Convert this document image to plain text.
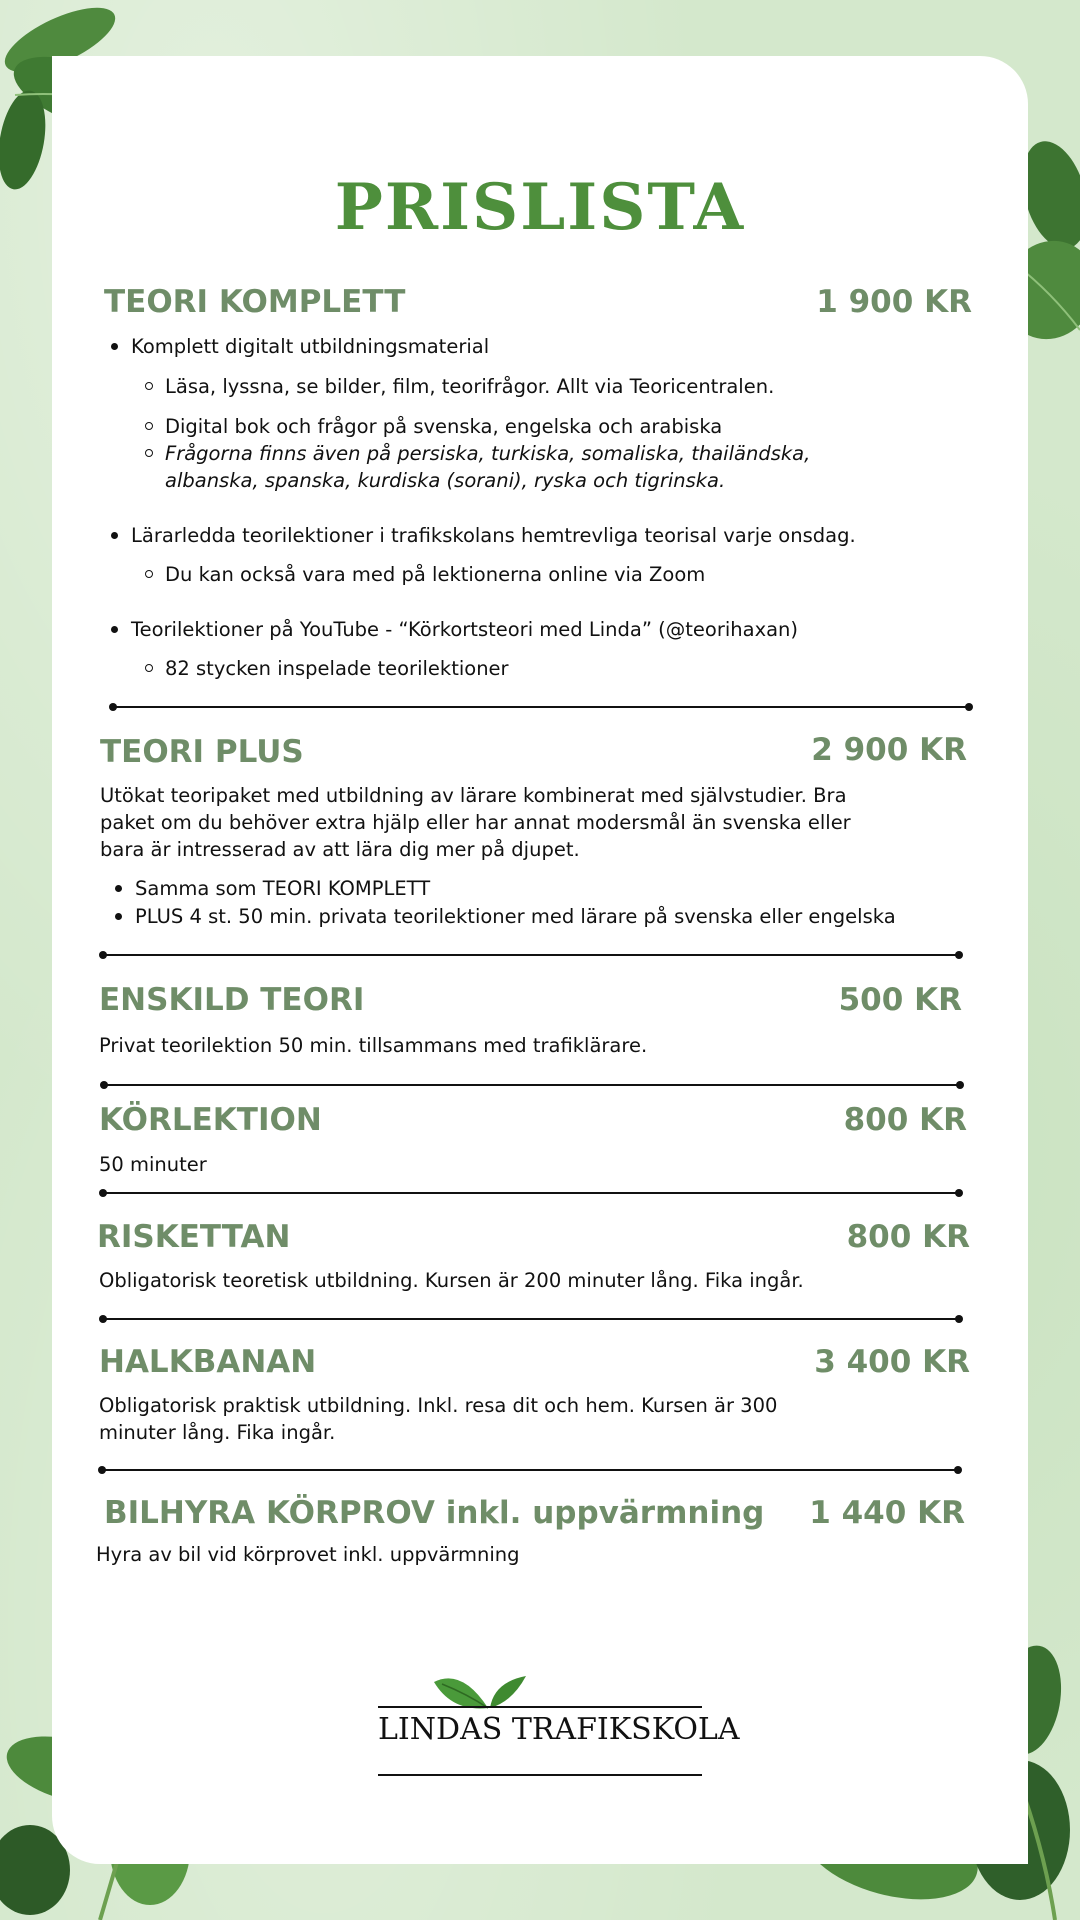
PRISLISTA
TEORI KOMPLETT	1 900 KR
Komplett digitalt utbildningsmaterial
Läsa, lyssna, se bilder, film, teorifrågor. Allt via Teoricentralen.
Digital bok och frågor på svenska, engelska och arabiska
Frågorna finns även på persiska, turkiska, somaliska, thailändska, albanska, spanska, kurdiska (sorani), ryska och tigrinska.
Lärarledda teorilektioner i trafikskolans hemtrevliga teorisal varje onsdag.
Du kan också vara med på lektionerna online via Zoom
Teorilektioner på YouTube - “Körkortsteori med Linda” (@teorihaxan)
82 stycken inspelade teorilektioner
TEORI PLUS	2 900 KR

Utökat teoripaket med utbildning av lärare kombinerat med självstudier. Bra paket om du behöver extra hjälp eller har annat modersmål än svenska eller bara är intresserad av att lära dig mer på djupet.

Samma som TEORI KOMPLETT
PLUS 4 st. 50 min. privata teorilektioner med lärare på svenska eller engelska
ENSKILD TEORI	500 KR

Privat teorilektion 50 min. tillsammans med trafiklärare.

KÖRLEKTION	800 KR

50 minuter

RISKETTAN	800 KR

Obligatorisk teoretisk utbildning. Kursen är 200 minuter lång. Fika ingår.

HALKBANAN	3 400 KR

Obligatorisk praktisk utbildning. Inkl. resa dit och hem. Kursen är 300 minuter lång. Fika ingår.

BILHYRA KÖRPROV inkl. uppvärmning 1 440 KR

Hyra av bil vid körprovet inkl. uppvärmning

LINDAS TRAFIKSKOLA
